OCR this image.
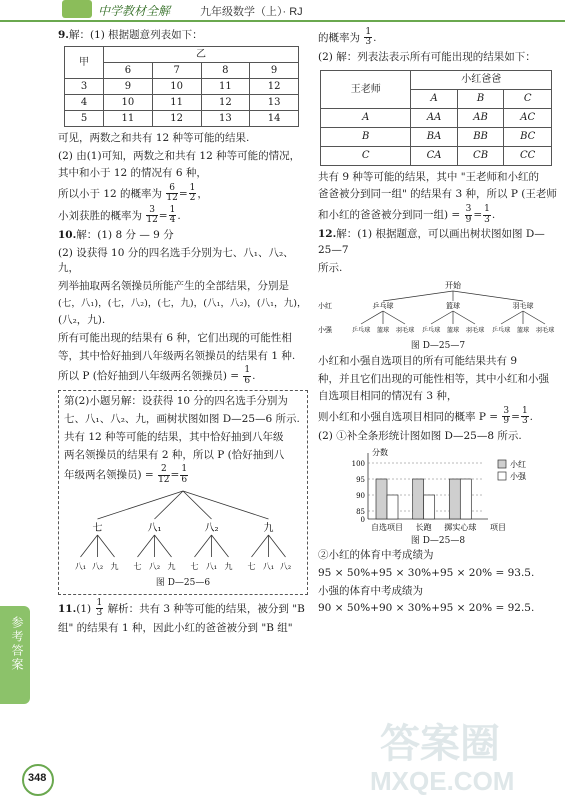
中学教材全解	九年级数学（上）· RJ

9.解：(1) 根据题意列表如下：

甲	乙			
	6	7	8	9
3	9	10	11	12
4	10	11	12	13
5	11	12	13	14

可见，两数之和共有 12 种等可能的结果.

(2) 由(1)可知，两数之和共有 12 种等可能的情况，

其中和小于 12 的情况有 6 种，

所以小于 12 的概率为 $\frac{6}{12} = \frac{1}{2}$ ，

小刘获胜的概率为 $\frac{3}{12} = \frac{1}{4}$ .

10.解：(1) 8 分 — 9 分

(2) 设获得 10 分的四名选手分别为七、八₁、八₂、九，

列举抽取两名领操员所能产生的全部结果，分别是

(七，八₁)，(七，八₂)，(七，九)，(八₁，八₂)，(八₁，九)，

(八₂，九).

所有可能出现的结果有 6 种，它们出现的可能性相

等，其中恰好抽到八年级两名领操员的结果有 1 种.

所以 P (恰好抽到八年级两名领操员) = $\frac{1}{6}$ .

第(2)小题另解：设获得 10 分的四名选手分别为

七、八₁、八₂、九，画树状图如图 D—25—6 所示.

共有 12 种等可能的结果，其中恰好抽到八年级

两名领操员的结果有 2 种，所以 P (恰好抽到八

年级两名领操员) = $\frac{2}{12} = \frac{1}{6}$

七
八₁ 八₂ 九
八₁
七 八₂ 九
八₂
七 八₁ 九
九
七 八₁ 八₂

图 D—25—6

$11.(1) \frac{1}{3}$ 解析：共有 3 种等可能的结果，被分到 "B

组" 的结果有 1 种，因此小红的爸爸被分到 "B 组"

的概率为 $\frac{1}{3}$ .

(2) 解：列表法表示所有可能出现的结果如下：

王老师	小红爸爸		
	A	B	C
A	AA	AB	AC
B	BA	BB	BC
C	CA	CB	CC

共有 9 种等可能的结果，其中 "王老师和小红的

爸爸被分到同一组" 的结果有 3 种，所以 P (王老师

和小红的爸爸被分到同一组) = $\frac{3}{9} = \frac{1}{3}$ .

12.解：(1) 根据题意，可以画出树状图如图 D—25—7

所示.

开始
小红
小强
乒乓球
乒乓球 篮球 羽毛球
篮球
乒乓球 篮球 羽毛球
羽毛球
乒乓球 篮球 羽毛球

图 D—25—7

小红和小强自选项目的所有可能结果共有 9

种，并且它们出现的可能性相等，其中小红和小强

自选项目相同的情况有 3 种，

则小红和小强自选项目相同的概率 $P = \frac{3}{9} = \frac{1}{3}$ .

(2) ①补全条形统计图如图 D—25—8 所示.

分数
项目
100
95
90
85
0
自选项目 长跑 掷实心球
小红
小强

图 D—25—8

②小红的体育中考成绩为

95 × 50%+95 × 30%+95 × 20% = 93.5.

小强的体育中考成绩为

90 × 50%+90 × 30%+95 × 20% = 92.5.

参考答案
348
答案圈
MXQE.COM
